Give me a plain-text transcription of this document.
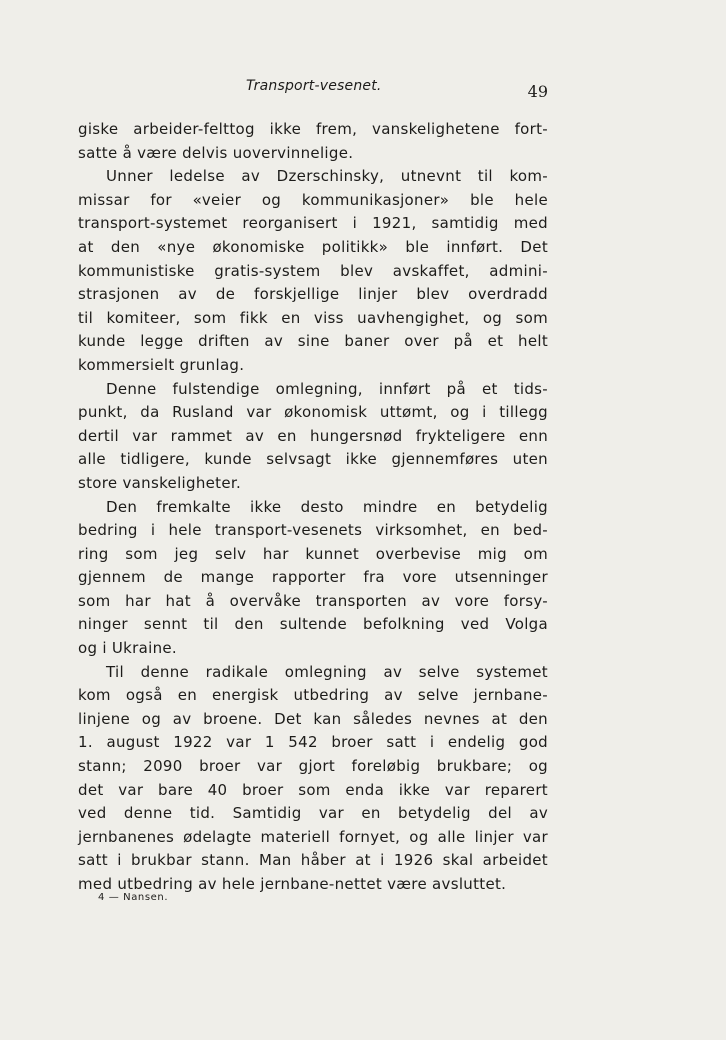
Transport-vesenet.	49
giske arbeider-felttog ikke frem, vanskelighetene fort-
satte å være delvis uovervinnelige.
Unner ledelse av Dzerschinsky, utnevnt til kom-
missar for «veier og kommunikasjoner» ble hele
transport-systemet reorganisert i 1921, samtidig med
at den «nye økonomiske politikk» ble innført. Det
kommunistiske gratis-system blev avskaffet, admini-
strasjonen av de forskjellige linjer blev overdradd
til komiteer, som fikk en viss uavhengighet, og som
kunde legge driften av sine baner over på et helt
kommersielt grunlag.
Denne fulstendige omlegning, innført på et tids-
punkt, da Rusland var økonomisk uttømt, og i tillegg
dertil var rammet av en hungersnød frykteligere enn
alle tidligere, kunde selvsagt ikke gjennemføres uten
store vanskeligheter.
Den fremkalte ikke desto mindre en betydelig
bedring i hele transport-vesenets virksomhet, en bed-
ring som jeg selv har kunnet overbevise mig om
gjennem de mange rapporter fra vore utsenninger
som har hat å overvåke transporten av vore forsy-
ninger sennt til den sultende befolkning ved Volga
og i Ukraine.
Til denne radikale omlegning av selve systemet
kom også en energisk utbedring av selve jernbane-
linjene og av broene. Det kan således nevnes at den
1. august 1922 var 1 542 broer satt i endelig god
stann; 2090 broer var gjort foreløbig brukbare; og
det var bare 40 broer som enda ikke var reparert
ved denne tid. Samtidig var en betydelig del av
jernbanenes ødelagte materiell fornyet, og alle linjer var
satt i brukbar stann. Man håber at i 1926 skal arbeidet
med utbedring av hele jernbane-nettet være avsluttet.
4 — Nansen.
